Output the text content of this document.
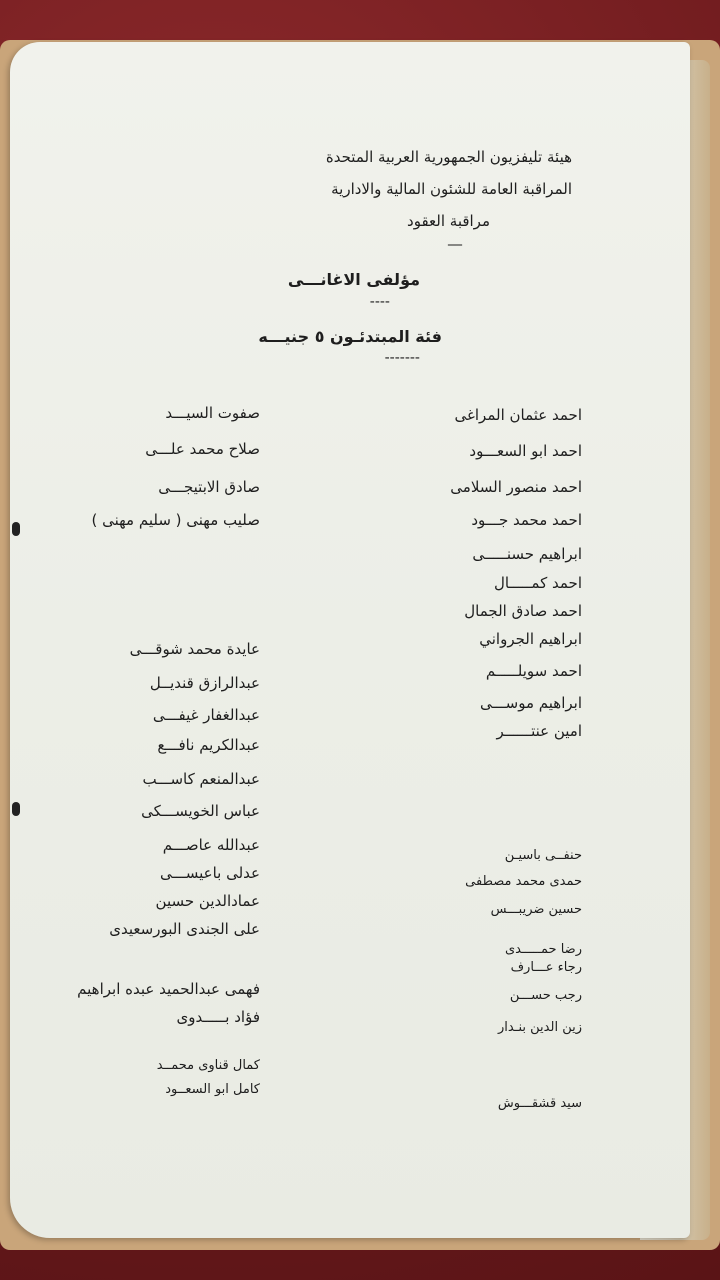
هيئة تليفزيون الجمهورية العربية المتحدة
المراقبة العامة للشئون المالية والادارية
مراقبة العقود
__
مؤلفى الاغانـــى
----
فئة المبتدئـون ٥ جنيـــه
-------
احمد عثمان المراغى
احمد ابو السعـــود
احمد منصور السلامى
احمد محمد جـــود
ابراهيم حسنـــــى
احمد كمـــــال
احمد صادق الجمال
ابراهيم الجرواني
احمد سويلـــــم
ابراهيم موســـى
امين عنتــــــر
حنفــى باسيـن
حمدى محمد مصطفى
حسين ضريبـــس
رضا حمـــــدى
رجاء عـــارف
رجب حســـن
زين الدين بنـدار
سيد قشقـــوش
صفوت السيـــد
صلاح محمد علـــى
صادق الابتيجـــى
صليب مهنى ( سليم مهنى )
عايدة محمد شوقـــى
عبدالرازق قنديــل
عبدالغفار غيفـــى
عبدالكريم نافـــع
عبدالمنعم كاســـب
عباس الخويســـكى
عبدالله عاصـــم
عدلى باعيســـى
عمادالدين حسين
على الجندى البورسعيدى
فهمى عبدالحميد عبده ابراهيم
فؤاد بـــــدوى
كمال قناوى محمــد
كامل ابو السعــود
